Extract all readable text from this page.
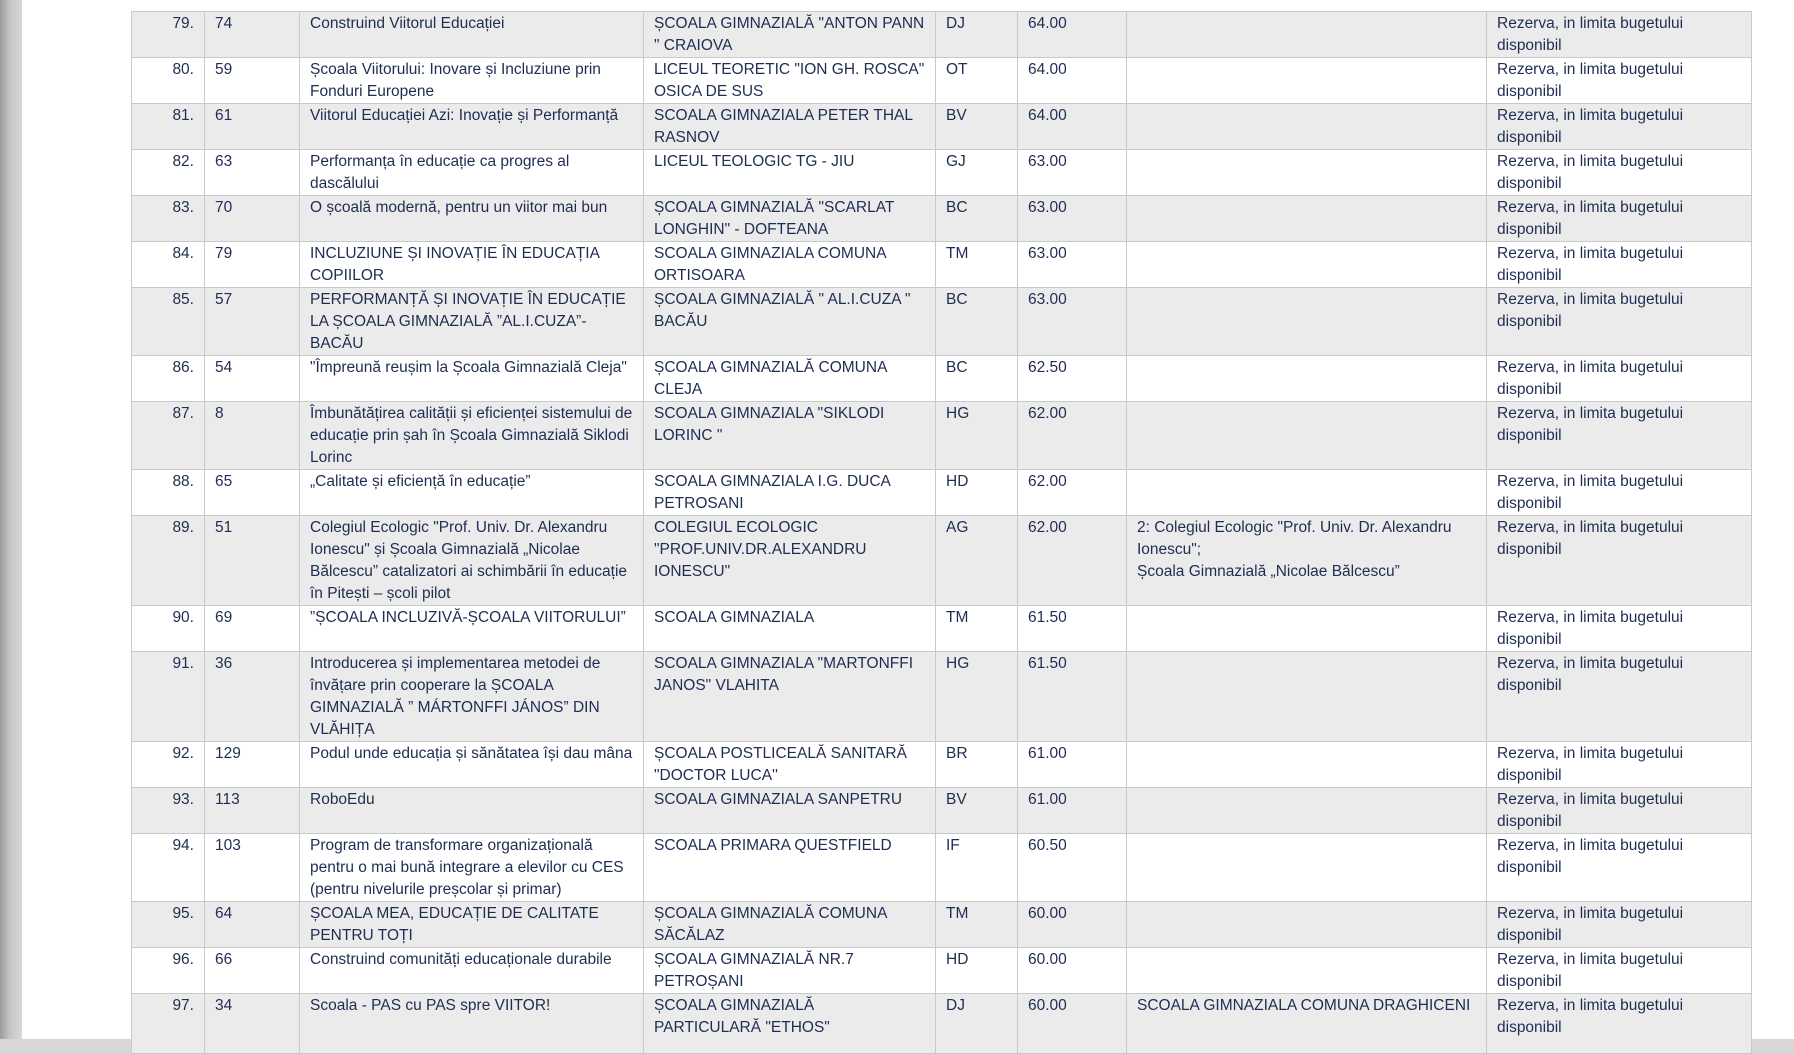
79.	74	Construind Viitorul Educației	ȘCOALA GIMNAZIALĂ "ANTON PANN " CRAIOVA	DJ	64.00		Rezerva, in limita bugetului disponibil
80.	59	Școala Viitorului: Inovare și Incluziune prin Fonduri Europene	LICEUL TEORETIC "ION GH. ROSCA" OSICA DE SUS	OT	64.00		Rezerva, in limita bugetului disponibil
81.	61	Viitorul Educației Azi: Inovație și Performanță	SCOALA GIMNAZIALA PETER THAL RASNOV	BV	64.00		Rezerva, in limita bugetului disponibil
82.	63	Performanța în educație ca progres al dascălului	LICEUL TEOLOGIC TG - JIU	GJ	63.00		Rezerva, in limita bugetului disponibil
83.	70	O școală modernă, pentru un viitor mai bun	ȘCOALA GIMNAZIALĂ "SCARLAT LONGHIN" - DOFTEANA	BC	63.00		Rezerva, in limita bugetului disponibil
84.	79	INCLUZIUNE ȘI INOVAȚIE ÎN EDUCAȚIA COPIILOR	SCOALA GIMNAZIALA COMUNA ORTISOARA	TM	63.00		Rezerva, in limita bugetului disponibil
85.	57	PERFORMANȚĂ ȘI INOVAȚIE ÎN EDUCAȚIE LA ȘCOALA GIMNAZIALĂ ”AL.I.CUZA”-BACĂU	ȘCOALA GIMNAZIALĂ " AL.I.CUZA " BACĂU	BC	63.00		Rezerva, in limita bugetului disponibil
86.	54	"Împreună reușim la Școala Gimnazială Cleja"	ȘCOALA GIMNAZIALĂ COMUNA CLEJA	BC	62.50		Rezerva, in limita bugetului disponibil
87.	8	Îmbunătățirea calității și eficienței sistemului de educație prin șah în Școala Gimnazială Siklodi Lorinc	SCOALA GIMNAZIALA "SIKLODI LORINC "	HG	62.00		Rezerva, in limita bugetului disponibil
88.	65	„Calitate și eficiență în educație”	SCOALA GIMNAZIALA I.G. DUCA PETROSANI	HD	62.00		Rezerva, in limita bugetului disponibil
89.	51	Colegiul Ecologic "Prof. Univ. Dr. Alexandru Ionescu" și Școala Gimnazială „Nicolae Bălcescu” catalizatori ai schimbării în educație în Pitești – școli pilot	COLEGIUL ECOLOGIC "PROF.UNIV.DR.ALEXANDRU IONESCU"	AG	62.00	2: Colegiul Ecologic "Prof. Univ. Dr. Alexandru Ionescu";
Școala Gimnazială „Nicolae Bălcescu”	Rezerva, in limita bugetului disponibil
90.	69	”ȘCOALA INCLUZIVĂ-ȘCOALA VIITORULUI”	SCOALA GIMNAZIALA	TM	61.50		Rezerva, in limita bugetului disponibil
91.	36	Introducerea și implementarea metodei de învățare prin cooperare la ȘCOALA GIMNAZIALĂ ” MÁRTONFFI JÁNOS” DIN VLĂHIȚA	SCOALA GIMNAZIALA "MARTONFFI JANOS" VLAHITA	HG	61.50		Rezerva, in limita bugetului disponibil
92.	129	Podul unde educația și sănătatea își dau mâna	ȘCOALA POSTLICEALĂ SANITARĂ "DOCTOR LUCA''	BR	61.00		Rezerva, in limita bugetului disponibil
93.	113	RoboEdu	SCOALA GIMNAZIALA SANPETRU	BV	61.00		Rezerva, in limita bugetului disponibil
94.	103	Program de transformare organizațională pentru o mai bună integrare a elevilor cu CES (pentru nivelurile preșcolar și primar)	SCOALA PRIMARA QUESTFIELD	IF	60.50		Rezerva, in limita bugetului disponibil
95.	64	ȘCOALA MEA, EDUCAȚIE DE CALITATE PENTRU TOȚI	ȘCOALA GIMNAZIALĂ COMUNA SĂCĂLAZ	TM	60.00		Rezerva, in limita bugetului disponibil
96.	66	Construind comunități educaționale durabile	ȘCOALA GIMNAZIALĂ NR.7 PETROȘANI	HD	60.00		Rezerva, in limita bugetului disponibil
97.	34	Scoala - PAS cu PAS spre VIITOR!	ȘCOALA GIMNAZIALĂ PARTICULARĂ "ETHOS"	DJ	60.00	SCOALA GIMNAZIALA COMUNA DRAGHICENI	Rezerva, in limita bugetului disponibil
